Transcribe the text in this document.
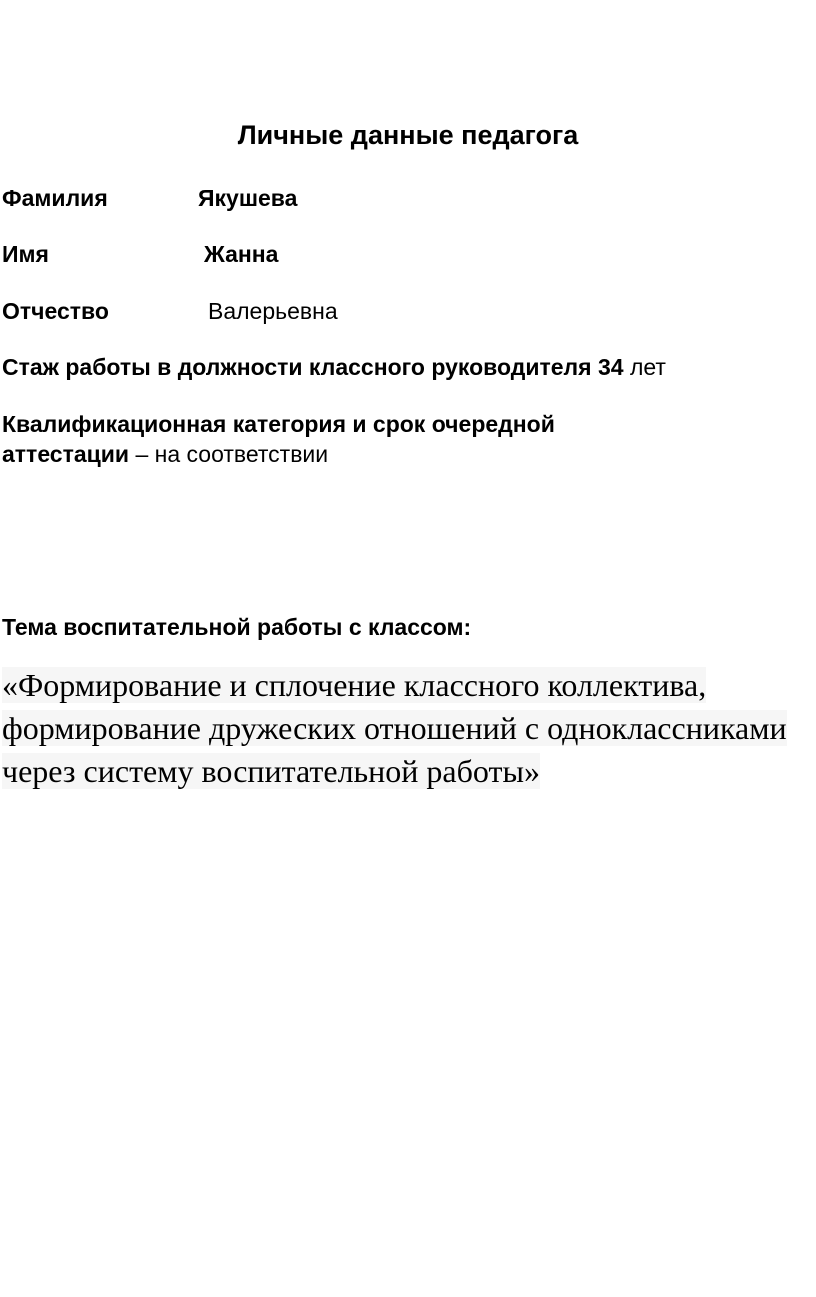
Личные данные педагога

Фамилия	Якушева

Имя	Жанна

Отчество	Валерьевна

Стаж работы в должности классного руководителя 34 лет

Квалификационная категория и срок очередной
аттестации – на соответствии

Тема воспитательной работы с классом:

«Формирование и сплочение классного коллектива, формирование дружеских отношений с одноклассниками через систему воспитательной работы»
